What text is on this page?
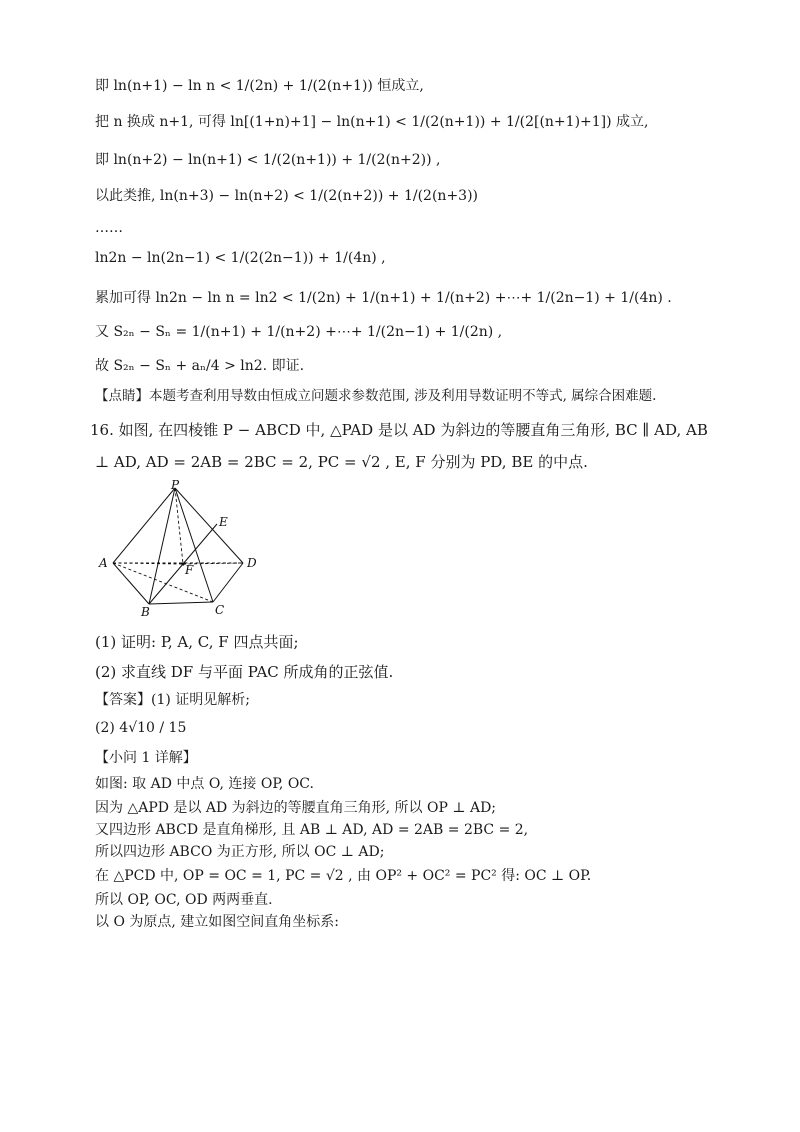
即 ln(n+1) − ln n < 1/(2n) + 1/(2(n+1)) 恒成立,
把 n 换成 n+1, 可得 ln[(1+n)+1] − ln(n+1) < 1/(2(n+1)) + 1/(2[(n+1)+1]) 成立,
即 ln(n+2) − ln(n+1) < 1/(2(n+1)) + 1/(2(n+2)) ,
以此类推, ln(n+3) − ln(n+2) < 1/(2(n+2)) + 1/(2(n+3))
……
ln2n − ln(2n−1) < 1/(2(2n−1)) + 1/(4n) ,
累加可得 ln2n − ln n = ln2 < 1/(2n) + 1/(n+1) + 1/(n+2) +⋯+ 1/(2n−1) + 1/(4n) .
又 S₂ₙ − Sₙ = 1/(n+1) + 1/(n+2) +⋯+ 1/(2n−1) + 1/(2n) ,
故 S₂ₙ − Sₙ + aₙ/4 > ln2. 即证.
【点睛】本题考查利用导数由恒成立问题求参数范围, 涉及利用导数证明不等式, 属综合困难题.
16. 如图, 在四棱锥 P − ABCD 中, △PAD 是以 AD 为斜边的等腰直角三角形, BC ∥ AD, AB
⊥ AD, AD = 2AB = 2BC = 2, PC = √2 , E, F 分别为 PD, BE 的中点.
P
E
A	F	D
B	C
(1) 证明: P, A, C, F 四点共面;
(2) 求直线 DF 与平面 PAC 所成角的正弦值.
【答案】(1) 证明见解析;
(2) 4√10 / 15
【小问 1 详解】
如图: 取 AD 中点 O, 连接 OP, OC.
因为 △APD 是以 AD 为斜边的等腰直角三角形, 所以 OP ⊥ AD;
又四边形 ABCD 是直角梯形, 且 AB ⊥ AD, AD = 2AB = 2BC = 2,
所以四边形 ABCO 为正方形, 所以 OC ⊥ AD;
在 △PCD 中, OP = OC = 1, PC = √2 , 由 OP² + OC² = PC² 得: OC ⊥ OP.
所以 OP, OC, OD 两两垂直.
以 O 为原点, 建立如图空间直角坐标系:
